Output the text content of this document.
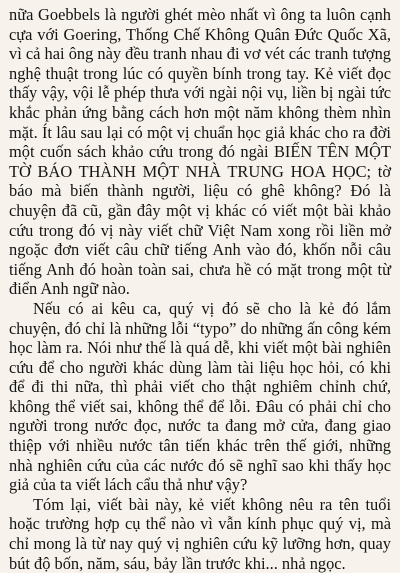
nữa Goebbels là người ghét mèo nhất vì ông ta luôn cạnh cựa với Goering, Thống Chế Không Quân Đức Quốc Xã, vì cả hai ông này đều tranh nhau đi vơ vét các tranh tượng nghệ thuật trong lúc có quyền bính trong tay. Kẻ viết đọc thấy vậy, vội lễ phép thưa với ngài nội vụ, liền bị ngài tức khắc phản ứng bằng cách hơn một năm không thèm nhìn mặt. Ít lâu sau lại có một vị chuẩn học giả khác cho ra đời một cuốn sách khảo cứu trong đó ngài BIẾN TÊN MỘT TỜ BÁO THÀNH MỘT NHÀ TRUNG HOA HỌC; tờ báo mà biến thành người, liệu có ghê không? Đó là chuyện đã cũ, gần đây một vị khác có viết một bài khảo cứu trong đó vị này viết chữ Việt Nam xong rồi liền mở ngoặc đơn viết câu chữ tiếng Anh vào đó, khốn nỗi câu tiếng Anh đó hoàn toàn sai, chưa hề có mặt trong một từ điển Anh ngữ nào.

Nếu có ai kêu ca, quý vị đó sẽ cho là kẻ đó lắm chuyện, đó chỉ là những lỗi “typo” do những ấn công kém học làm ra. Nói như thế là quá dễ, khi viết một bài nghiên cứu để cho người khác dùng làm tài liệu học hỏi, có khi để đi thi nữa, thì phải viết cho thật nghiêm chỉnh chứ, không thể viết sai, không thể để lỗi. Đâu có phải chỉ cho người trong nước đọc, nước ta đang mở cửa, đang giao thiệp với nhiều nước tân tiến khác trên thế giới, những nhà nghiên cứu của các nước đó sẽ nghĩ sao khi thấy học giả của ta viết lách cẩu thả như vậy?

Tóm lại, viết bài này, kẻ viết không nêu ra tên tuổi hoặc trường hợp cụ thể nào vì vẫn kính phục quý vị, mà chỉ mong là từ nay quý vị nghiên cứu kỹ lưỡng hơn, quay bút độ bốn, năm, sáu, bảy lần trước khi... nhả ngọc.
